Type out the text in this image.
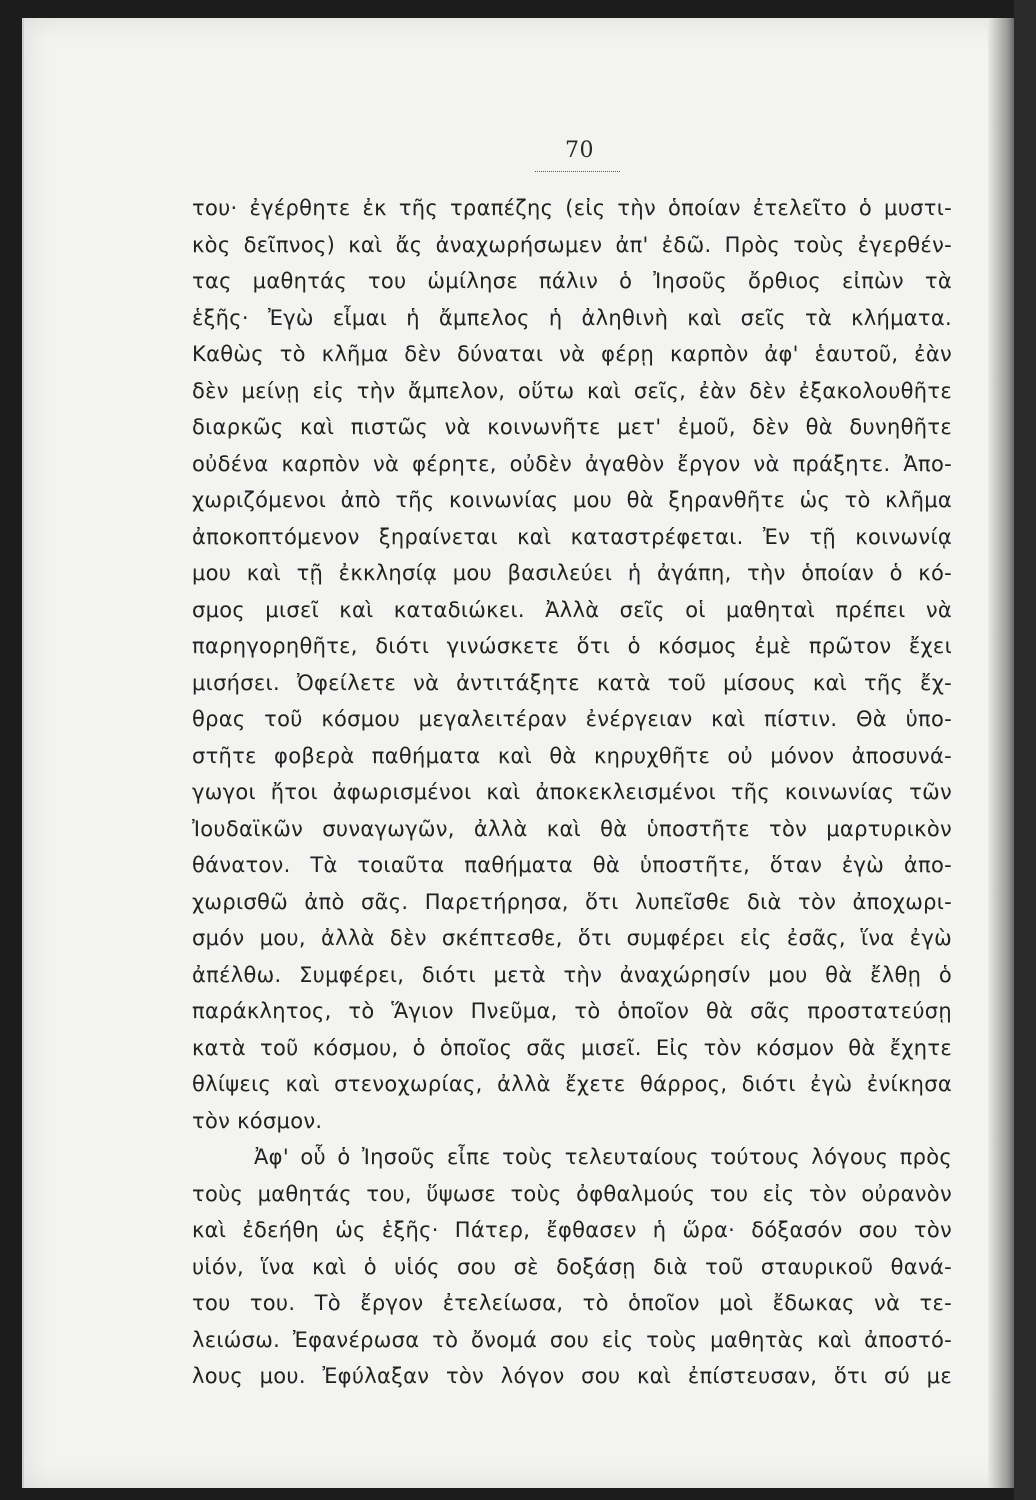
70
του· ἐγέρθητε ἐκ τῆς τραπέζης (εἰς τὴν ὁποίαν ἐτελεῖτο ὁ μυστι-
κὸς δεῖπνος) καὶ ἄς ἀναχωρήσωμεν ἀπ' ἐδῶ. Πρὸς τοὺς ἐγερθέν-
τας μαθητάς του ὡμίλησε πάλιν ὁ Ἰησοῦς ὄρθιος εἰπὼν τὰ
ἑξῆς· Ἐγὼ εἶμαι ἡ ἄμπελος ἡ ἀληθινὴ καὶ σεῖς τὰ κλήματα.
Καθὼς τὸ κλῆμα δὲν δύναται νὰ φέρῃ καρπὸν ἀφ' ἑαυτοῦ, ἐὰν
δὲν μείνῃ εἰς τὴν ἄμπελον, οὕτω καὶ σεῖς, ἐὰν δὲν ἐξακολουθῆτε
διαρκῶς καὶ πιστῶς νὰ κοινωνῆτε μετ' ἐμοῦ, δὲν θὰ δυνηθῆτε
οὐδένα καρπὸν νὰ φέρητε, οὐδὲν ἀγαθὸν ἔργον νὰ πράξητε. Ἀπο-
χωριζόμενοι ἀπὸ τῆς κοινωνίας μου θὰ ξηρανθῆτε ὡς τὸ κλῆμα
ἀποκοπτόμενον ξηραίνεται καὶ καταστρέφεται. Ἐν τῇ κοινωνίᾳ
μου καὶ τῇ ἐκκλησίᾳ μου βασιλεύει ἡ ἀγάπη, τὴν ὁποίαν ὁ κό-
σμος μισεῖ καὶ καταδιώκει. Ἀλλὰ σεῖς οἱ μαθηταὶ πρέπει νὰ
παρηγορηθῆτε, διότι γινώσκετε ὅτι ὁ κόσμος ἐμὲ πρῶτον ἔχει
μισήσει. Ὀφείλετε νὰ ἀντιτάξητε κατὰ τοῦ μίσους καὶ τῆς ἔχ-
θρας τοῦ κόσμου μεγαλειτέραν ἐνέργειαν καὶ πίστιν. Θὰ ὑπο-
στῆτε φοβερὰ παθήματα καὶ θὰ κηρυχθῆτε οὐ μόνον ἀποσυνά-
γωγοι ἤτοι ἀφωρισμένοι καὶ ἀποκεκλεισμένοι τῆς κοινωνίας τῶν
Ἰουδαϊκῶν συναγωγῶν, ἀλλὰ καὶ θὰ ὑποστῆτε τὸν μαρτυρικὸν
θάνατον. Τὰ τοιαῦτα παθήματα θὰ ὑποστῆτε, ὅταν ἐγὼ ἀπο-
χωρισθῶ ἀπὸ σᾶς. Παρετήρησα, ὅτι λυπεῖσθε διὰ τὸν ἀποχωρι-
σμόν μου, ἀλλὰ δὲν σκέπτεσθε, ὅτι συμφέρει εἰς ἐσᾶς, ἵνα ἐγὼ
ἀπέλθω. Συμφέρει, διότι μετὰ τὴν ἀναχώρησίν μου θὰ ἔλθῃ ὁ
παράκλητος, τὸ Ἅγιον Πνεῦμα, τὸ ὁποῖον θὰ σᾶς προστατεύσῃ
κατὰ τοῦ κόσμου, ὁ ὁποῖος σᾶς μισεῖ. Εἰς τὸν κόσμον θὰ ἔχητε
θλίψεις καὶ στενοχωρίας, ἀλλὰ ἔχετε θάρρος, διότι ἐγὼ ἐνίκησα
τὸν κόσμον.
Ἀφ' οὗ ὁ Ἰησοῦς εἶπε τοὺς τελευταίους τούτους λόγους πρὸς
τοὺς μαθητάς του, ὕψωσε τοὺς ὀφθαλμούς του εἰς τὸν οὐρανὸν
καὶ ἐδεήθη ὡς ἑξῆς· Πάτερ, ἔφθασεν ἡ ὥρα· δόξασόν σου τὸν
υἱόν, ἵνα καὶ ὁ υἱός σου σὲ δοξάσῃ διὰ τοῦ σταυρικοῦ θανά-
του του. Τὸ ἔργον ἐτελείωσα, τὸ ὁποῖον μοὶ ἔδωκας νὰ τε-
λειώσω. Ἐφανέρωσα τὸ ὄνομά σου εἰς τοὺς μαθητὰς καὶ ἀποστό-
λους μου. Ἐφύλαξαν τὸν λόγον σου καὶ ἐπίστευσαν, ὅτι σύ με
